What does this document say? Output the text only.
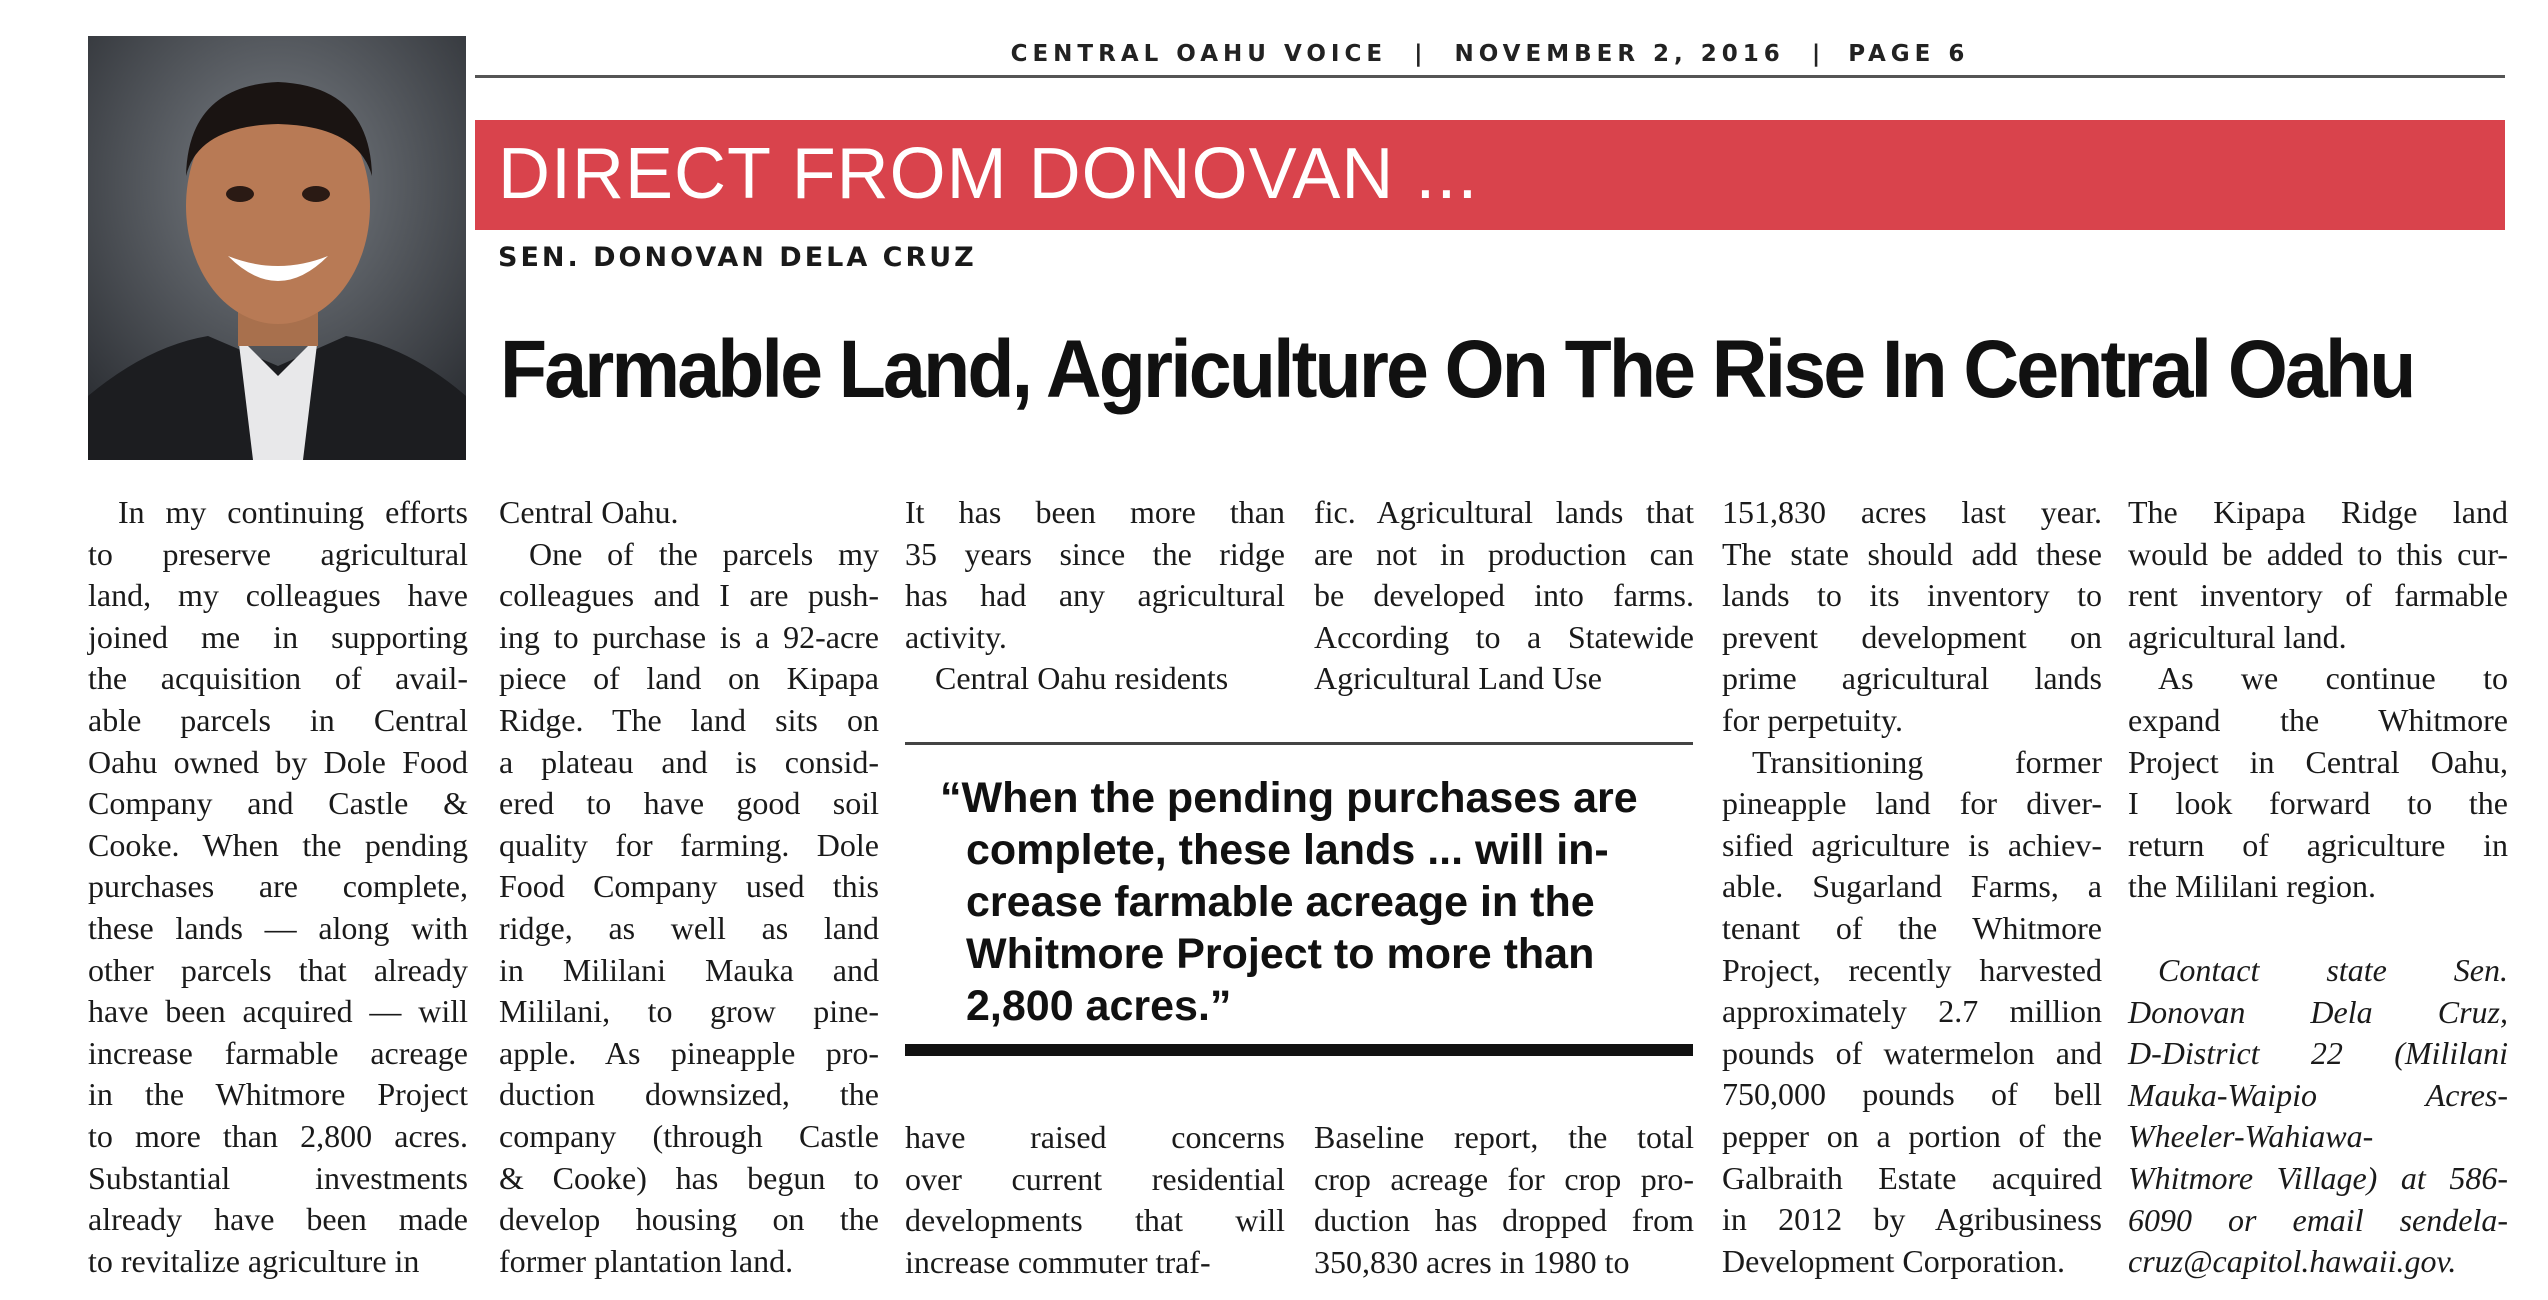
CENTRAL OAHU VOICE | NOVEMBER 2, 2016 | PAGE 6
DIRECT FROM DONOVAN ...
SEN. DONOVAN DELA CRUZ
Farmable Land, Agriculture On The Rise In Central Oahu
In my continuing efforts
to preserve agricultural
land, my colleagues have
joined me in supporting
the acquisition of avail-
able parcels in Central
Oahu owned by Dole Food
Company and Castle &
Cooke. When the pending
purchases are complete,
these lands — along with
other parcels that already
have been acquired — will
increase farmable acreage
in the Whitmore Project
to more than 2,800 acres.
Substantial investments
already have been made
to revitalize agriculture in
Central Oahu.
One of the parcels my
colleagues and I are push-
ing to purchase is a 92-acre
piece of land on Kipapa
Ridge. The land sits on
a plateau and is consid-
ered to have good soil
quality for farming. Dole
Food Company used this
ridge, as well as land
in Mililani Mauka and
Mililani, to grow pine-
apple. As pineapple pro-
duction downsized, the
company (through Castle
& Cooke) has begun to
develop housing on the
former plantation land.
It has been more than
35 years since the ridge
has had any agricultural
activity.
Central Oahu residents
have raised concerns
over current residential
developments that will
increase commuter traf-
fic. Agricultural lands that
are not in production can
be developed into farms.
According to a Statewide
Agricultural Land Use
Baseline report, the total
crop acreage for crop pro-
duction has dropped from
350,830 acres in 1980 to
151,830 acres last year.
The state should add these
lands to its inventory to
prevent development on
prime agricultural lands
for perpetuity.
Transitioning former
pineapple land for diver-
sified agriculture is achiev-
able. Sugarland Farms, a
tenant of the Whitmore
Project, recently harvested
approximately 2.7 million
pounds of watermelon and
750,000 pounds of bell
pepper on a portion of the
Galbraith Estate acquired
in 2012 by Agribusiness
Development Corporation.
The Kipapa Ridge land
would be added to this cur-
rent inventory of farmable
agricultural land.
As we continue to
expand the Whitmore
Project in Central Oahu,
I look forward to the
return of agriculture in
the Mililani region.
Contact state Sen.
Donovan Dela Cruz,
D-District 22 (Mililani
Mauka-Waipio Acres-
Wheeler-Wahiawa-
Whitmore Village) at 586-
6090 or email sendela-
cruz@capitol.hawaii.gov.
“When the pending purchases are
complete, these lands ... will in-
crease farmable acreage in the
Whitmore Project to more than
2,800 acres.”
